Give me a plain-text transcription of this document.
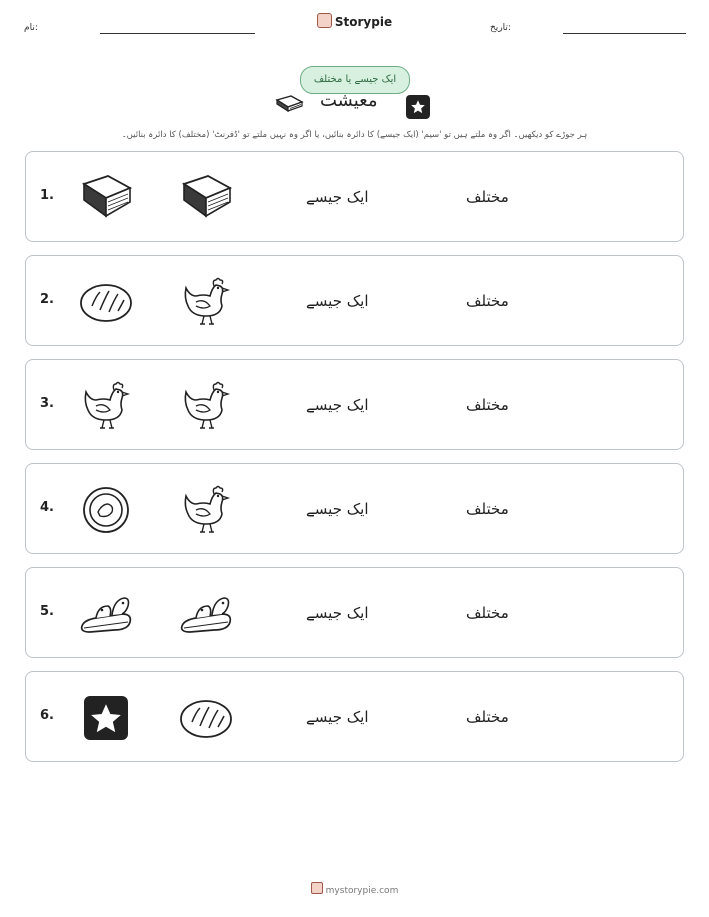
نام:	Storypie	تاریخ:
ایک جیسے یا مختلف
معیشت
ہر جوڑے کو دیکھیں۔ اگر وہ ملتے ہیں تو 'سیم' (ایک جیسے) کا دائرہ بنائیں، یا اگر وہ نہیں ملتے تو 'ڈفرنٹ' (مختلف) کا دائرہ بنائیں۔
1.	ایک جیسے	مختلف
2.	ایک جیسے	مختلف
3.	ایک جیسے	مختلف
4.	ایک جیسے	مختلف
5.	ایک جیسے	مختلف
6.	ایک جیسے	مختلف
mystorypie.com
